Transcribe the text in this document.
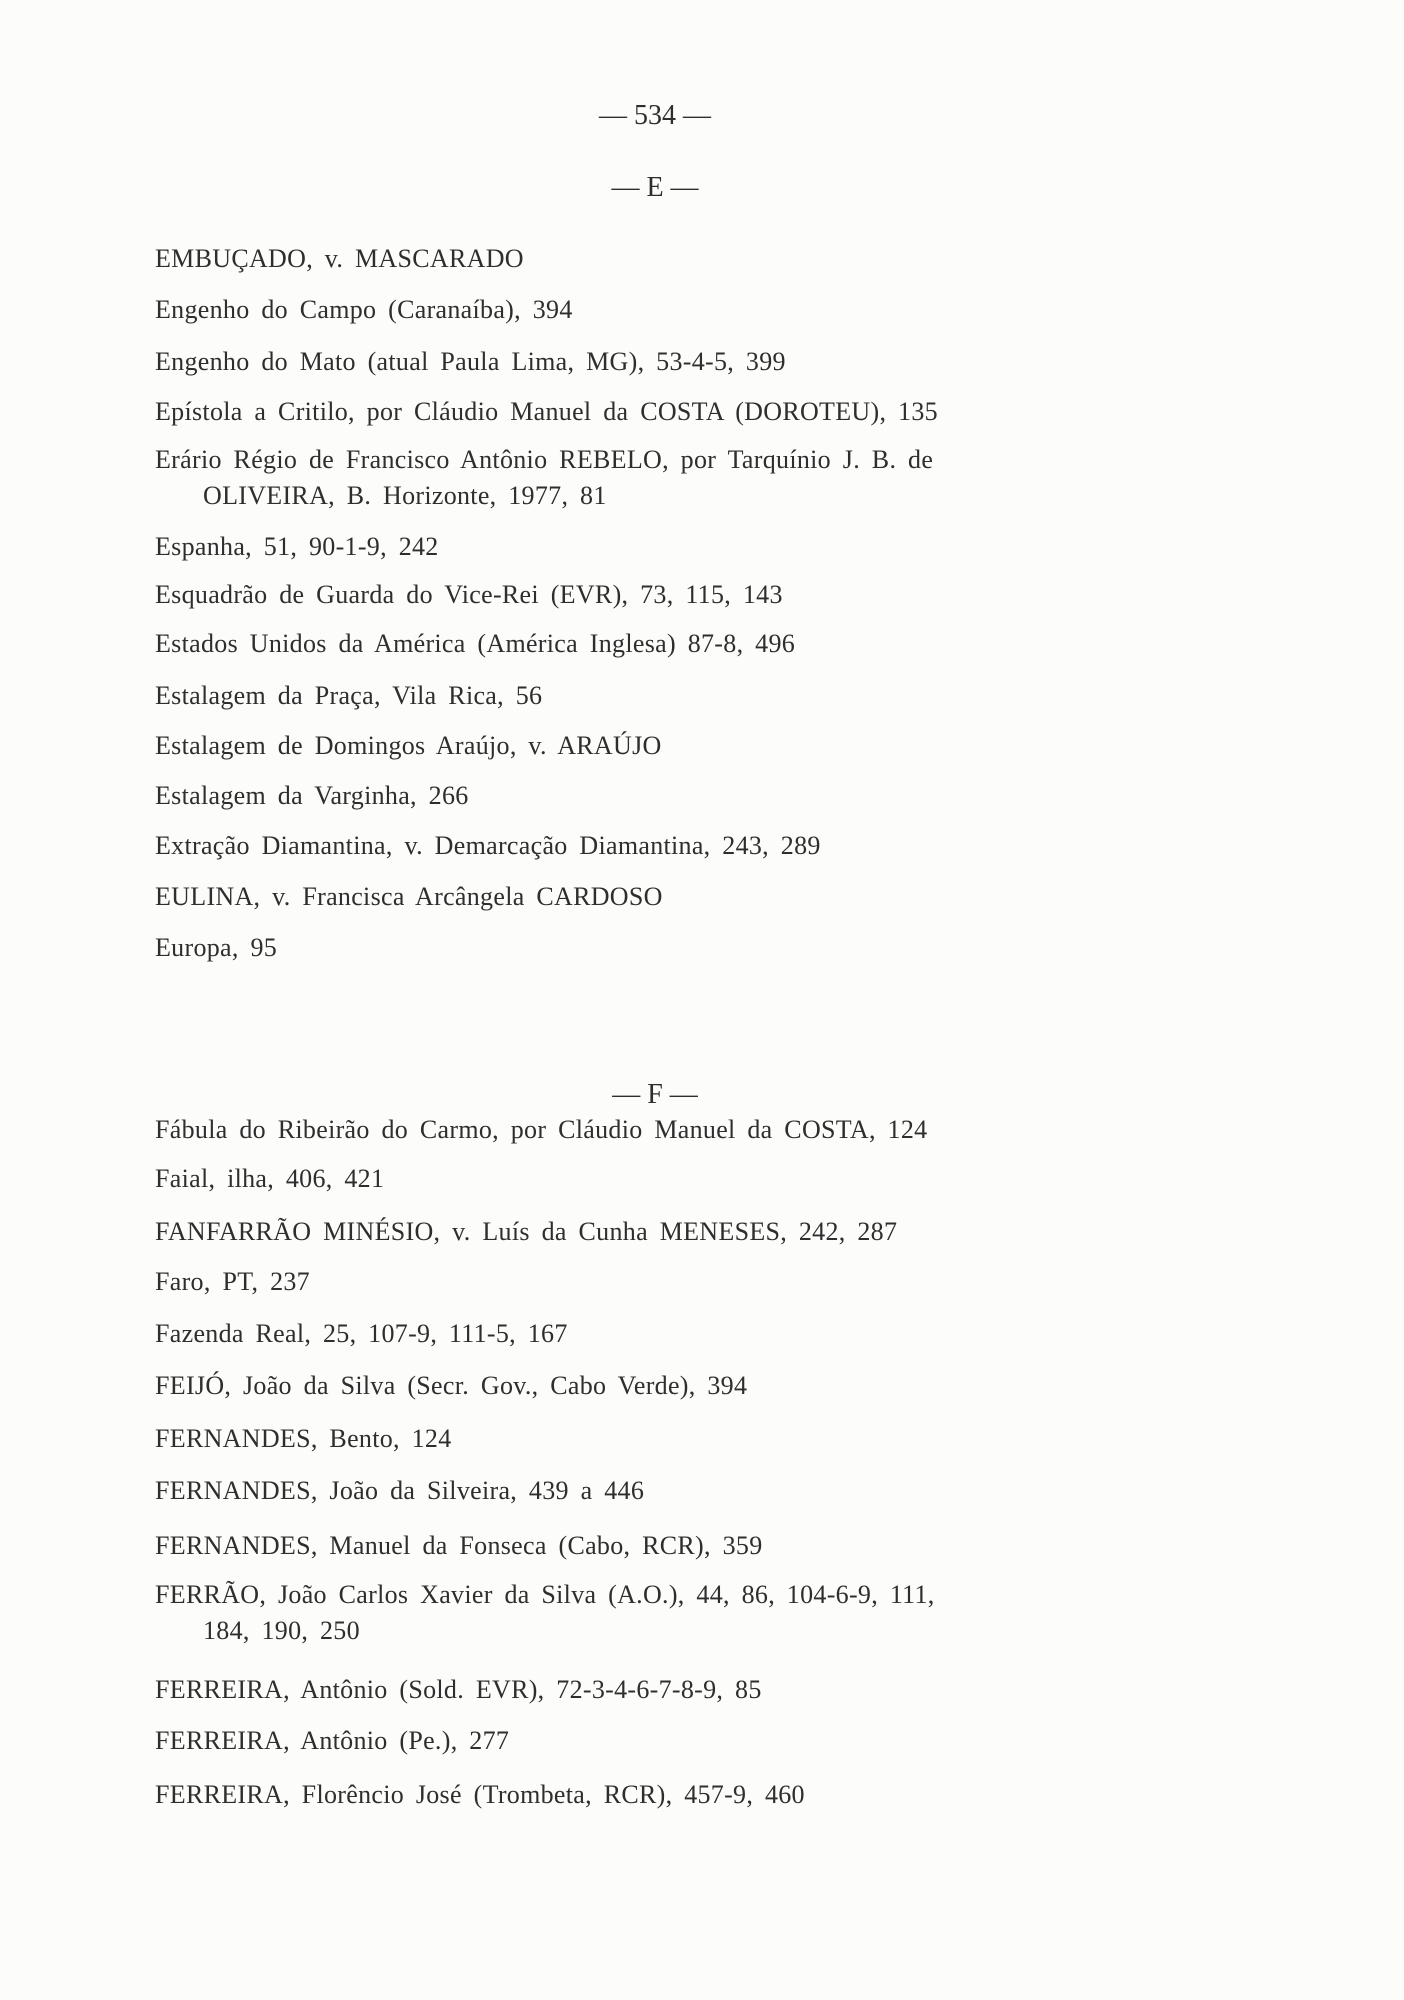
— 534 —
— E —
EMBUÇADO, v. MASCARADO
Engenho do Campo (Caranaíba), 394
Engenho do Mato (atual Paula Lima, MG), 53-4-5, 399
Epístola a Critilo, por Cláudio Manuel da COSTA (DOROTEU), 135
Erário Régio de Francisco Antônio REBELO, por Tarquínio J. B. de
OLIVEIRA, B. Horizonte, 1977, 81
Espanha, 51, 90-1-9, 242
Esquadrão de Guarda do Vice-Rei (EVR), 73, 115, 143
Estados Unidos da América (América Inglesa) 87-8, 496
Estalagem da Praça, Vila Rica, 56
Estalagem de Domingos Araújo, v. ARAÚJO
Estalagem da Varginha, 266
Extração Diamantina, v. Demarcação Diamantina, 243, 289
EULINA, v. Francisca Arcângela CARDOSO
Europa, 95
— F —
Fábula do Ribeirão do Carmo, por Cláudio Manuel da COSTA, 124
Faial, ilha, 406, 421
FANFARRÃO MINÉSIO, v. Luís da Cunha MENESES, 242, 287
Faro, PT, 237
Fazenda Real, 25, 107-9, 111-5, 167
FEIJÓ, João da Silva (Secr. Gov., Cabo Verde), 394
FERNANDES, Bento, 124
FERNANDES, João da Silveira, 439 a 446
FERNANDES, Manuel da Fonseca (Cabo, RCR), 359
FERRÃO, João Carlos Xavier da Silva (A.O.), 44, 86, 104-6-9, 111,
184, 190, 250
FERREIRA, Antônio (Sold. EVR), 72-3-4-6-7-8-9, 85
FERREIRA, Antônio (Pe.), 277
FERREIRA, Florêncio José (Trombeta, RCR), 457-9, 460
